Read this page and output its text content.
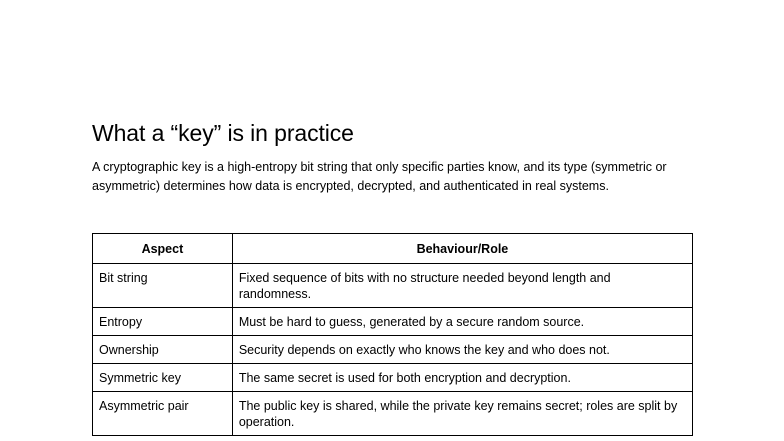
What a “key” is in practice

A cryptographic key is a high-entropy bit string that only specific parties know, and its type (symmetric or asymmetric) determines how data is encrypted, decrypted, and authenticated in real systems.

Aspect	Behaviour/Role
Bit string	Fixed sequence of bits with no structure needed beyond length and randomness.
Entropy	Must be hard to guess, generated by a secure random source.
Ownership	Security depends on exactly who knows the key and who does not.
Symmetric key	The same secret is used for both encryption and decryption.
Asymmetric pair	The public key is shared, while the private key remains secret; roles are split by operation.
